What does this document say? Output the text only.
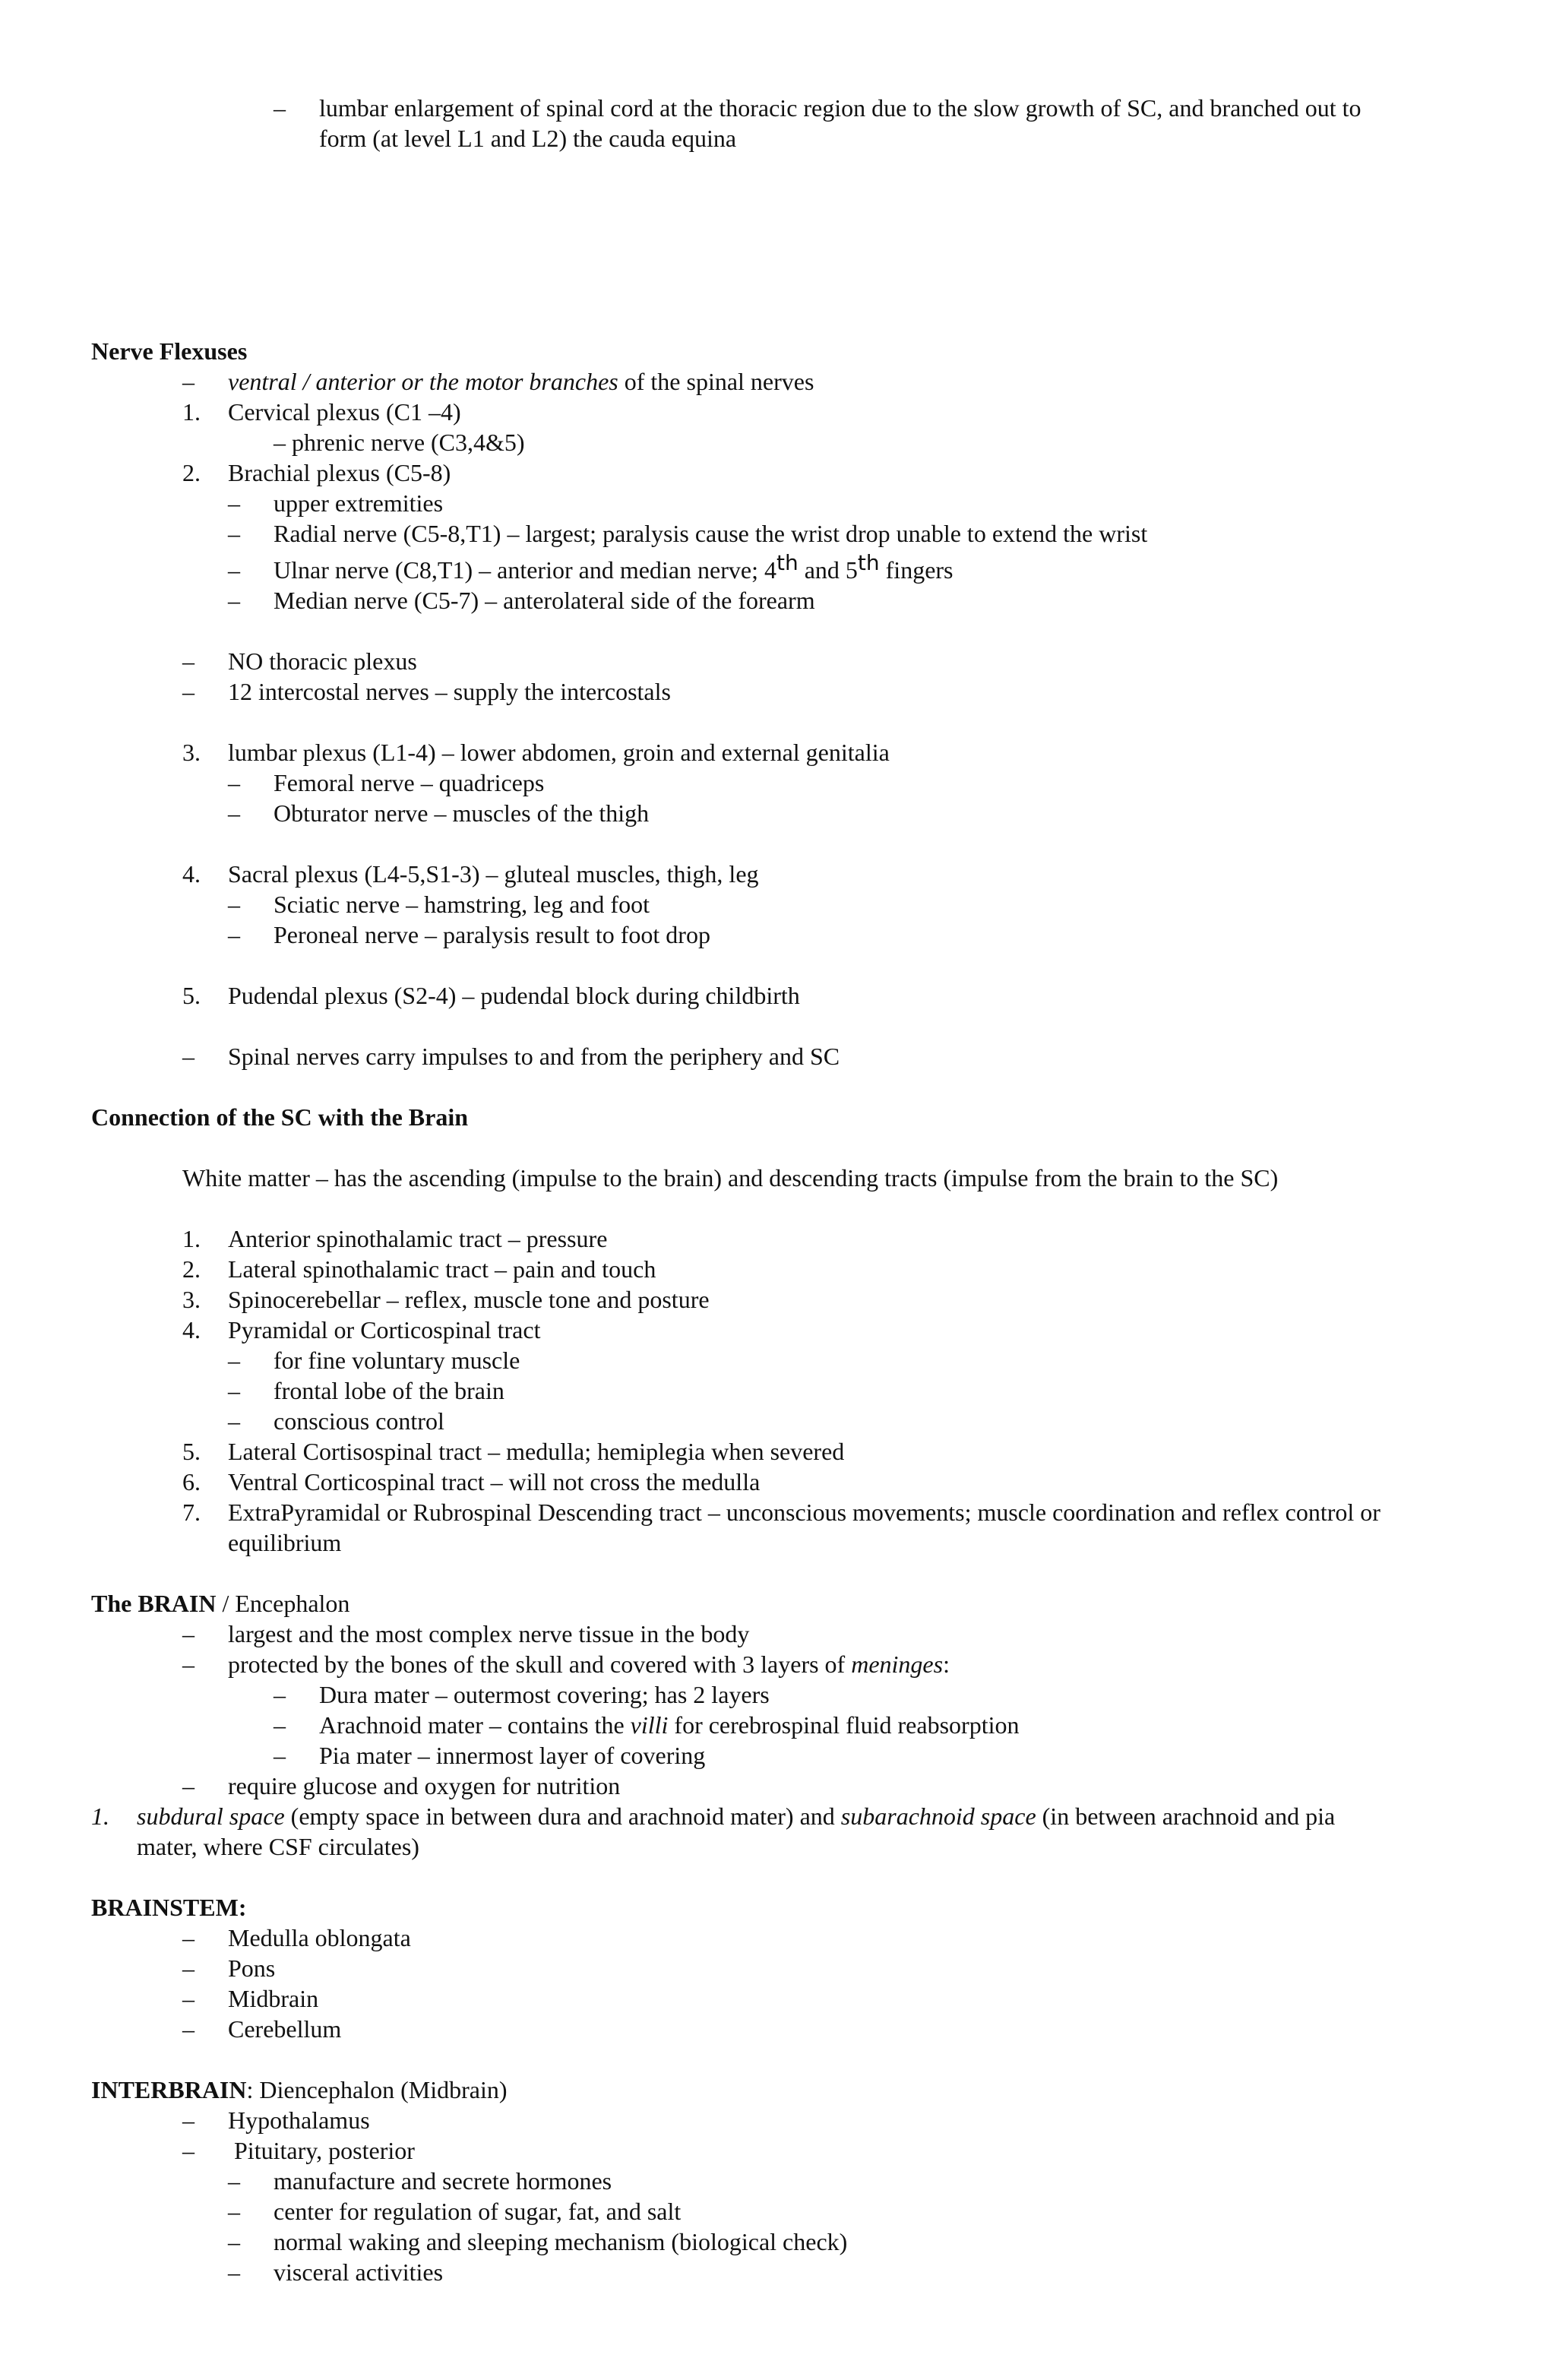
– lumbar enlargement of spinal cord at the thoracic region due to the slow growth of SC, and branched out to
form (at level L1 and L2) the cauda equina
Nerve Flexuses
– ventral / anterior or the motor branches of the spinal nerves
1. Cervical plexus (C1 –4)
– phrenic nerve (C3,4&5)
2. Brachial plexus (C5-8)
– upper extremities
– Radial nerve (C5-8,T1) – largest; paralysis cause the wrist drop unable to extend the wrist
– Ulnar nerve (C8,T1) – anterior and median nerve; 4th and 5th fingers
– Median nerve (C5-7) – anterolateral side of the forearm
– NO thoracic plexus
– 12 intercostal nerves – supply the intercostals
3. lumbar plexus (L1-4) – lower abdomen, groin and external genitalia
– Femoral nerve – quadriceps
– Obturator nerve – muscles of the thigh
4. Sacral plexus (L4-5,S1-3) – gluteal muscles, thigh, leg
– Sciatic nerve – hamstring, leg and foot
– Peroneal nerve – paralysis result to foot drop
5. Pudendal plexus (S2-4) – pudendal block during childbirth
– Spinal nerves carry impulses to and from the periphery and SC
Connection of the SC with the Brain
White matter – has the ascending (impulse to the brain) and descending tracts (impulse from the brain to the SC)
1. Anterior spinothalamic tract – pressure
2. Lateral spinothalamic tract – pain and touch
3. Spinocerebellar – reflex, muscle tone and posture
4. Pyramidal or Corticospinal tract
– for fine voluntary muscle
– frontal lobe of the brain
– conscious control
5. Lateral Cortisospinal tract – medulla; hemiplegia when severed
6. Ventral Corticospinal tract – will not cross the medulla
7. ExtraPyramidal or Rubrospinal Descending tract – unconscious movements; muscle coordination and reflex control or
equilibrium
The BRAIN / Encephalon
– largest and the most complex nerve tissue in the body
– protected by the bones of the skull and covered with 3 layers of meninges:
– Dura mater – outermost covering; has 2 layers
– Arachnoid mater – contains the villi for cerebrospinal fluid reabsorption
– Pia mater – innermost layer of covering
– require glucose and oxygen for nutrition
1. subdural space (empty space in between dura and arachnoid mater) and subarachnoid space (in between arachnoid and pia
mater, where CSF circulates)
BRAINSTEM:
– Medulla oblongata
– Pons
– Midbrain
– Cerebellum
INTERBRAIN: Diencephalon (Midbrain)
– Hypothalamus
– Pituitary, posterior
– manufacture and secrete hormones
– center for regulation of sugar, fat, and salt
– normal waking and sleeping mechanism (biological check)
– visceral activities
